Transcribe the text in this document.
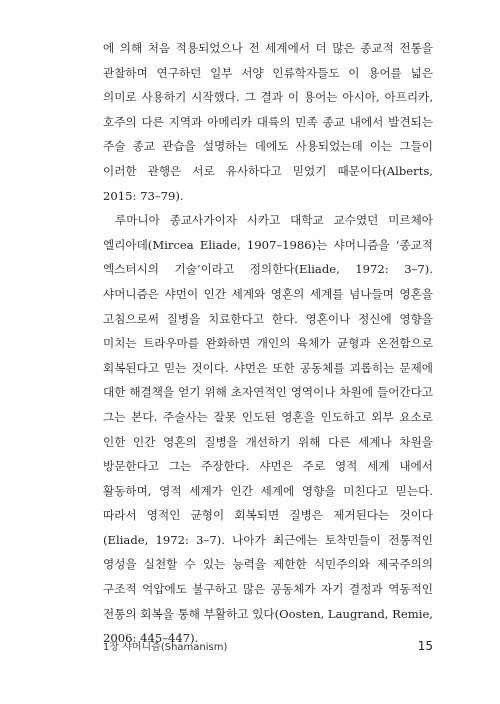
에 의해 처음 적용되었으나 전 세계에서 더 많은 종교적 전통을 관찰하며 연구하던 일부 서양 인류학자들도 이 용어를 넓은 의미로 사용하기 시작했다. 그 결과 이 용어는 아시아, 아프리카, 호주의 다른 지역과 아메리카 대륙의 민족 종교 내에서 발견되는 주술 종교 관습을 설명하는 데에도 사용되었는데 이는 그들이 이러한 관행은 서로 유사하다고 믿었기 때문이다(Alberts, 2015: 73–79).

루마니아 종교사가이자 시카고 대학교 교수였던 미르체아 엘리아데(Mircea Eliade, 1907–1986)는 샤머니즘을 ‘종교적 엑스터시의 기술’이라고 정의한다(Eliade, 1972: 3–7). 샤머니즘은 샤먼이 인간 세계와 영혼의 세계를 넘나들며 영혼을 고침으로써 질병을 치료한다고 한다. 영혼이나 정신에 영향을 미치는 트라우마를 완화하면 개인의 육체가 균형과 온전함으로 회복된다고 믿는 것이다. 샤먼은 또한 공동체를 괴롭히는 문제에 대한 해결책을 얻기 위해 초자연적인 영역이나 차원에 들어간다고 그는 본다. 주술사는 잘못 인도된 영혼을 인도하고 외부 요소로 인한 인간 영혼의 질병을 개선하기 위해 다른 세계나 차원을 방문한다고 그는 주장한다. 샤먼은 주로 영적 세계 내에서 활동하며, 영적 세계가 인간 세계에 영향을 미친다고 믿는다. 따라서 영적인 균형이 회복되면 질병은 제거된다는 것이다(Eliade, 1972: 3–7). 나아가 최근에는 토착민들이 전통적인 영성을 실천할 수 있는 능력을 제한한 식민주의와 제국주의의 구조적 억압에도 불구하고 많은 공동체가 자기 결정과 역동적인 전통의 회복을 통해 부활하고 있다(Oosten, Laugrand, Remie, 2006: 445–447).

1장 샤머니즘(Shamanism)	15
